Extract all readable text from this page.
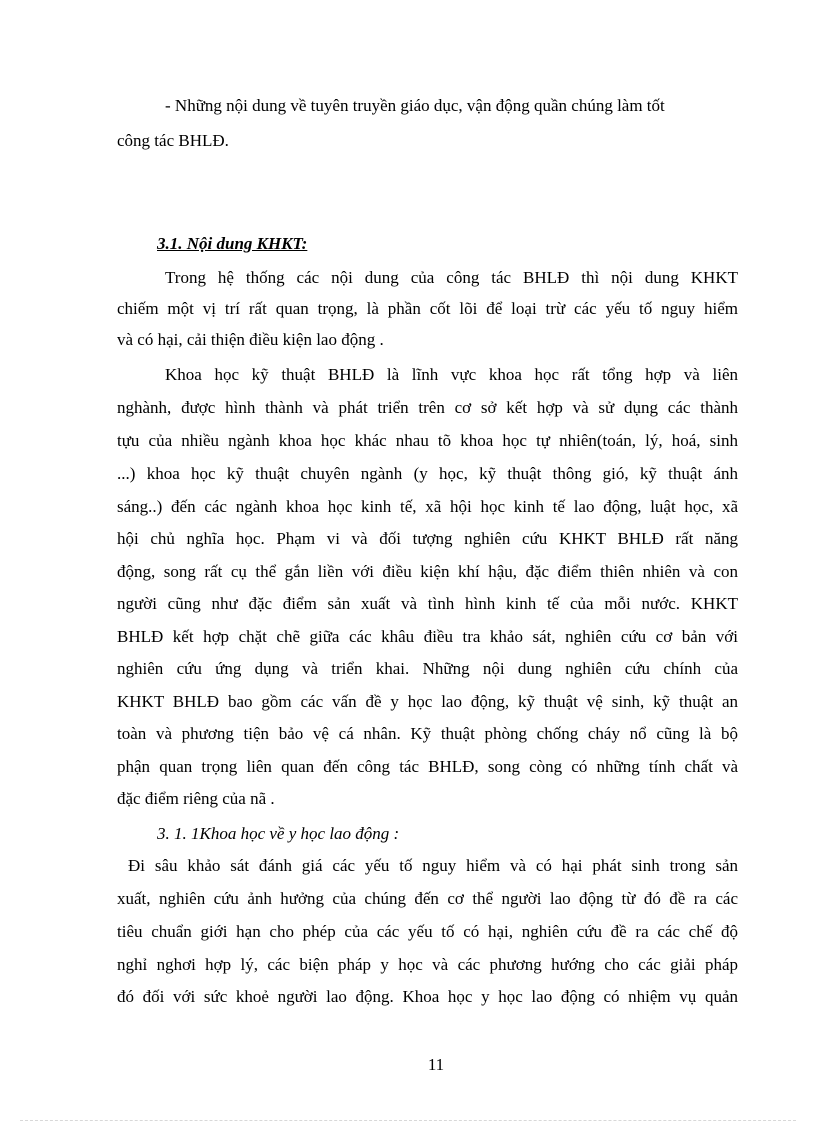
- Những nội dung về tuyên truyền giáo dục, vận động quần chúng làm tốt
công tác BHLĐ.
3.1. Nội dung KHKT:
Trong hệ thống các nội dung của công tác BHLĐ thì nội dung KHKT
chiếm một vị trí rất quan trọng, là phần cốt lõi để loại trừ các yếu tố nguy hiểm
và có hại, cải thiện điều kiện lao động .
Khoa học kỹ thuật BHLĐ là lĩnh vực khoa học rất tổng hợp và liên
nghành, được hình thành và phát triển trên cơ sở kết hợp và sử dụng các thành
tựu của nhiều ngành khoa học khác nhau tõ khoa học tự nhiên(toán, lý, hoá, sinh
...) khoa học kỹ thuật chuyên ngành (y học, kỹ thuật thông gió, kỹ thuật ánh
sáng..) đến các ngành khoa học kinh tế, xã hội học kinh tế lao động, luật học, xã
hội chủ nghĩa học. Phạm vi và đối tượng nghiên cứu KHKT BHLĐ rất năng
động, song rất cụ thể gắn liền với điều kiện khí hậu, đặc điểm thiên nhiên và con
người cũng như đặc điểm sản xuất và tình hình kinh tế của mỗi nước. KHKT
BHLĐ kết hợp chặt chẽ giữa các khâu điều tra khảo sát, nghiên cứu cơ bản với
nghiên cứu ứng dụng và triển khai. Những nội dung nghiên cứu chính của
KHKT BHLĐ bao gồm các vấn đề y học lao động, kỹ thuật vệ sinh, kỹ thuật an
toàn và phương tiện bảo vệ cá nhân. Kỹ thuật phòng chống cháy nổ cũng là bộ
phận quan trọng liên quan đến công tác BHLĐ, song còng có những tính chất và
đặc điểm riêng của nã .
3. 1. 1Khoa học về y học lao động :
Đi sâu khảo sát đánh giá các yếu tố nguy hiểm và có hại phát sinh trong sản
xuất, nghiên cứu ảnh hưởng của chúng đến cơ thể người lao động từ đó đề ra các
tiêu chuẩn giới hạn cho phép của các yếu tố có hại, nghiên cứu đề ra các chế độ
nghỉ nghơi hợp lý, các biện pháp y học và các phương hướng cho các giải pháp
đó đối với sức khoẻ người lao động. Khoa học y học lao động có nhiệm vụ quản
11
